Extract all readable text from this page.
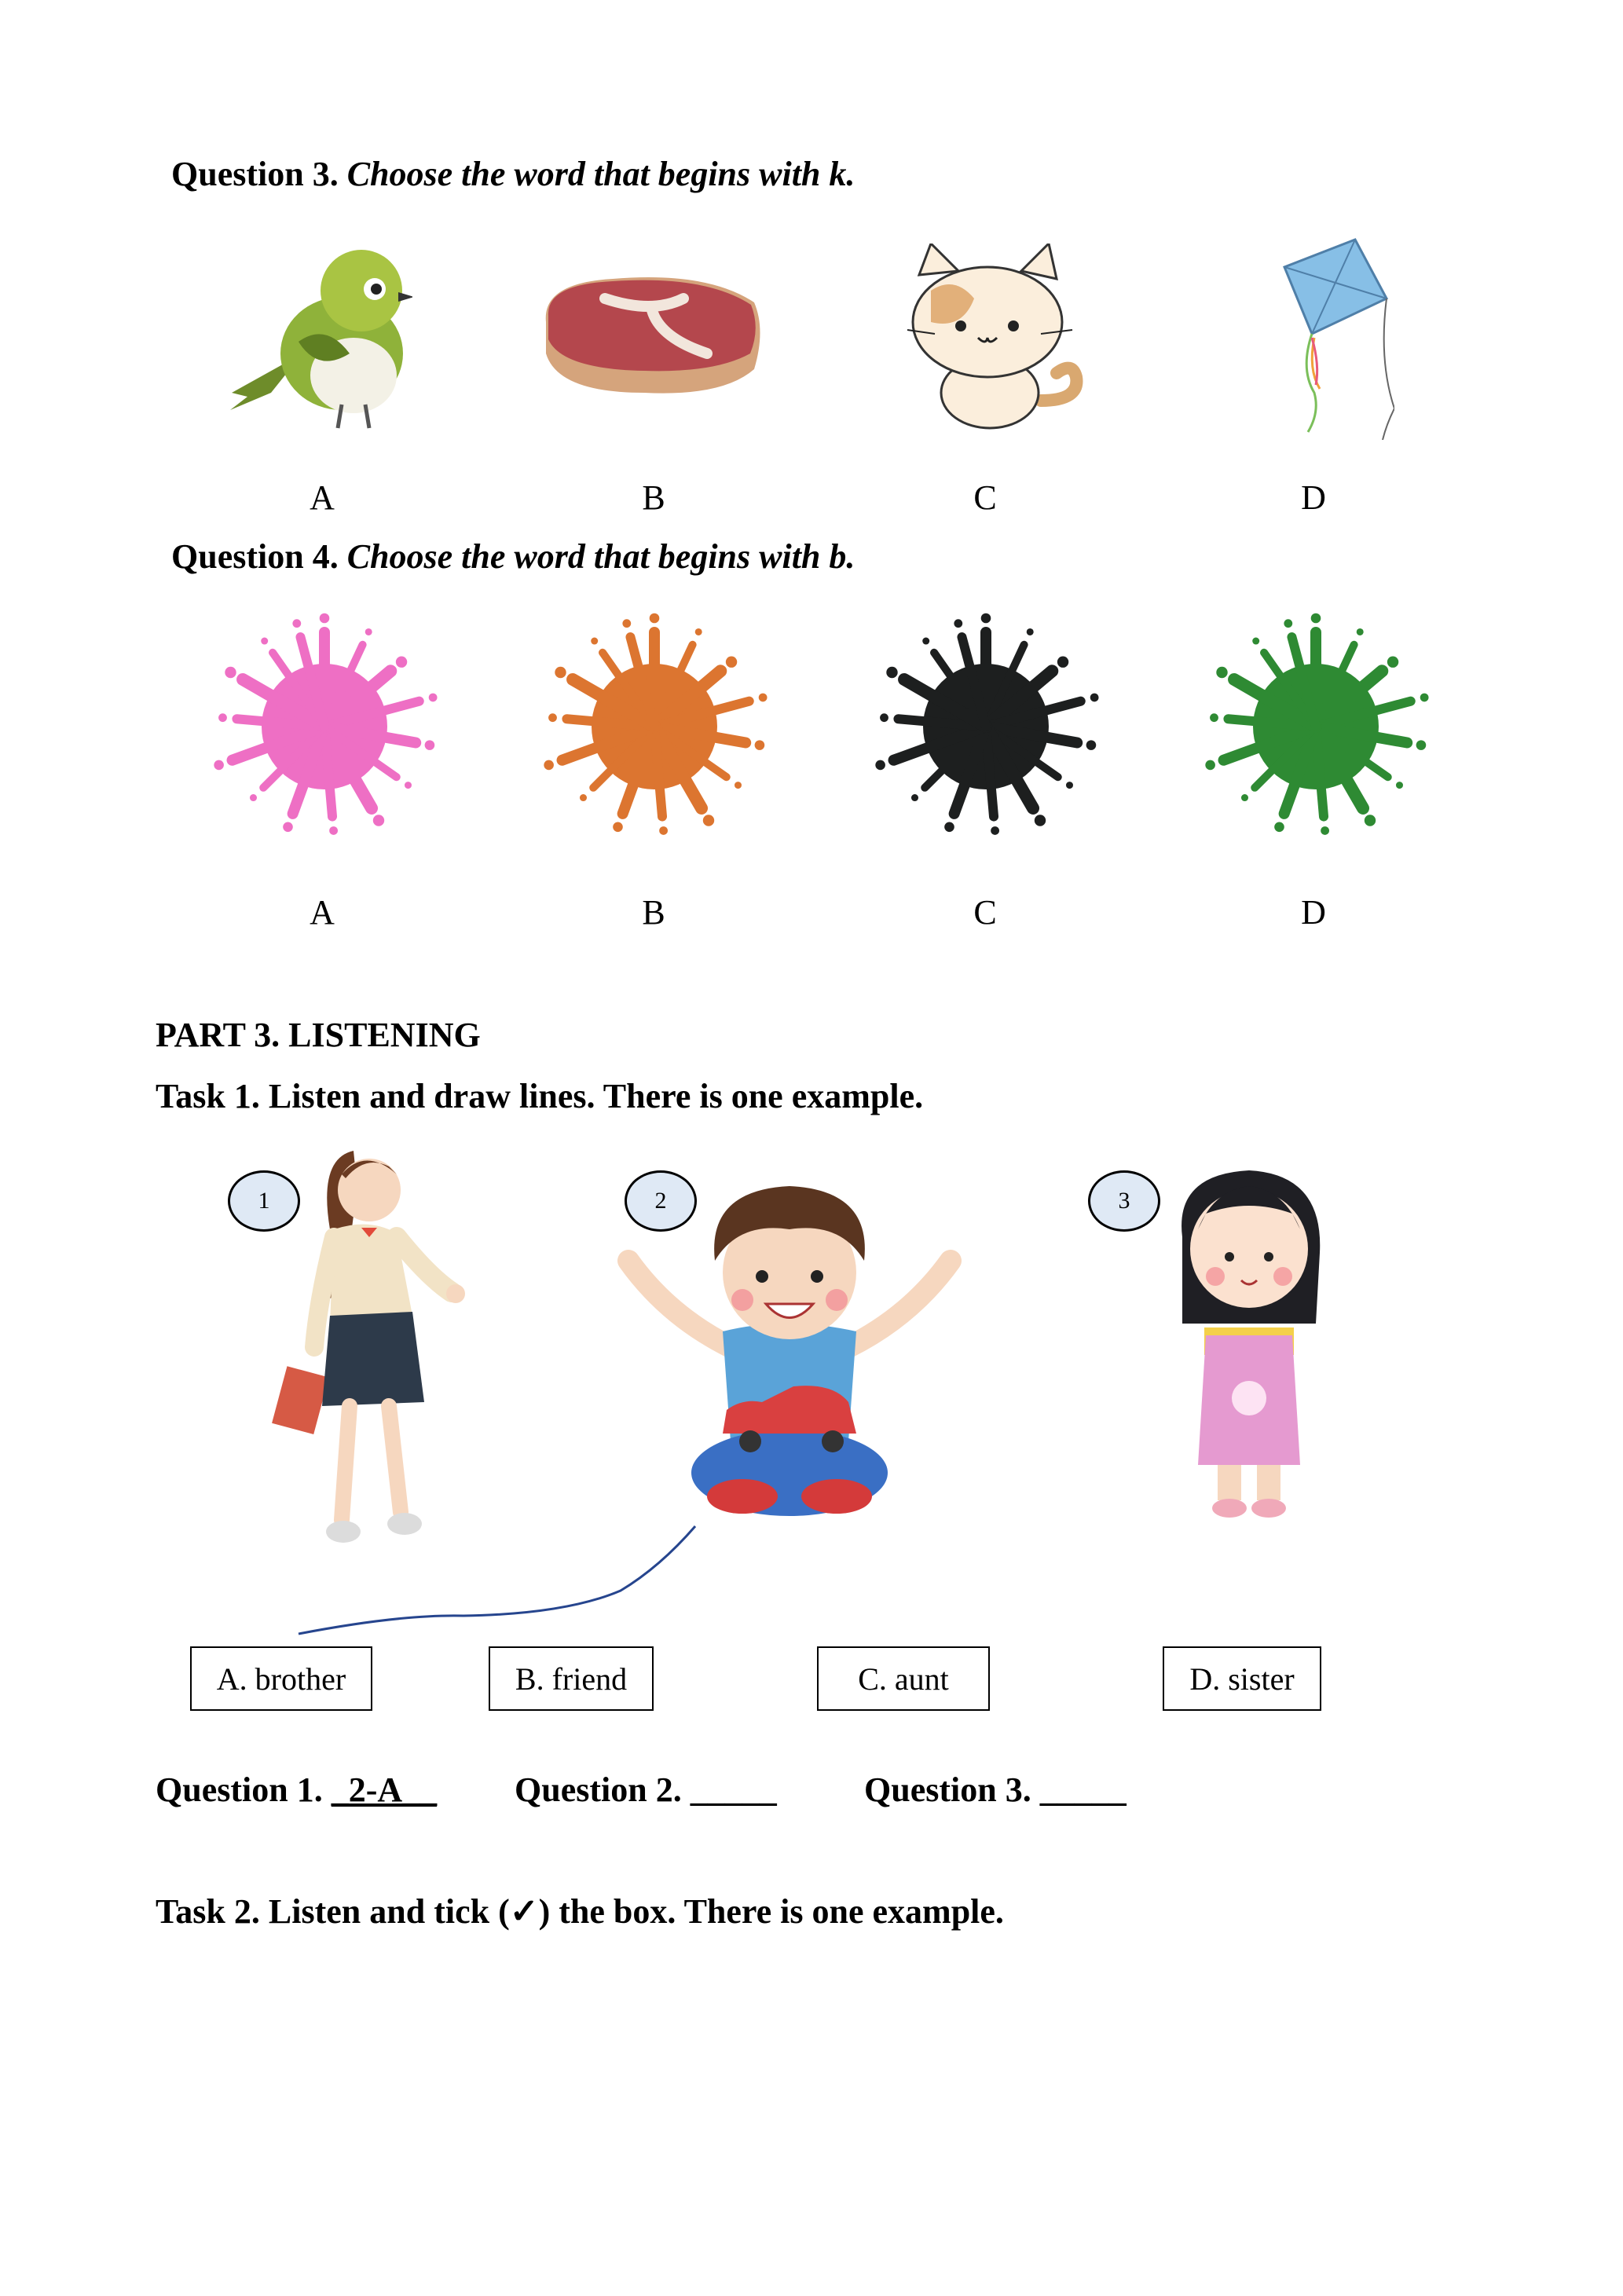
Question 3. Choose the word that begins with k.
A	B	C	D
Question 4. Choose the word that begins with b.
A	B	C	D
PART 3. LISTENING
Task 1. Listen and draw lines. There is one example.
1	2	3
A. brother	B. friend	C. aunt	D. sister
Question 1. _2-A__ Question 2. _____	Question 3. _____
Task 2. Listen and tick (✓) the box. There is one example.
